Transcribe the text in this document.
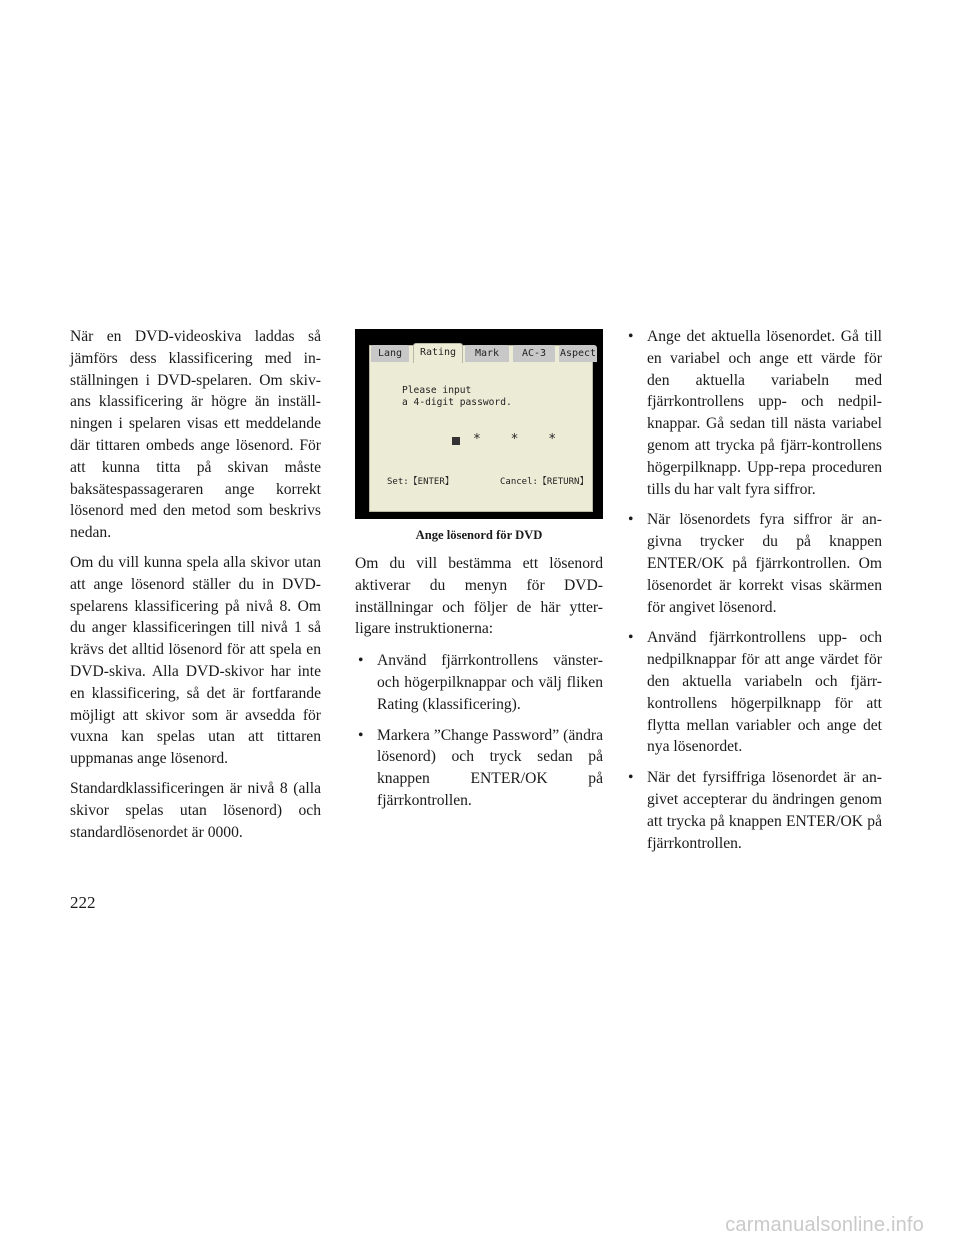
När en DVD-videoskiva laddas så jämförs dess klassificering med in-ställningen i DVD-spelaren. Om skiv-ans klassificering är högre än inställ-ningen i spelaren visas ett meddelande där tittaren ombeds ange lösenord. För att kunna titta på skivan måste baksätespassageraren ange korrekt lösenord med den metod som beskrivs nedan.

Om du vill kunna spela alla skivor utan att ange lösenord ställer du in DVD-spelarens klassificering på nivå 8. Om du anger klassificeringen till nivå 1 så krävs det alltid lösenord för att spela en DVD-skiva. Alla DVD-skivor har inte en klassificering, så det är fortfarande möjligt att skivor som är avsedda för vuxna kan spelas utan att tittaren uppmanas ange lösenord.

Standardklassificeringen är nivå 8 (alla skivor spelas utan lösenord) och standardlösenordet är 0000.

Lang	Rating	Mark	AC-3	Aspect
Please input
a 4-digit password.
* * *
Set:【ENTER】	Cancel:【RETURN】
Ange lösenord för DVD

Om du vill bestämma ett lösenord aktiverar du menyn för DVD-inställningar och följer de här ytter-ligare instruktionerna:

• Använd fjärrkontrollens vänster- och högerpilknappar och välj fliken Rating (klassificering).
• Markera ”Change Password” (ändra lösenord) och tryck sedan på knappen ENTER/OK på fjärrkontrollen.
• Ange det aktuella lösenordet. Gå till en variabel och ange ett värde för den aktuella variabeln med fjärrkontrollens upp- och nedpil-knappar. Gå sedan till nästa variabel genom att trycka på fjärr-kontrollens högerpilknapp. Upp-repa proceduren tills du har valt fyra siffror.
• När lösenordets fyra siffror är an-givna trycker du på knappen ENTER/OK på fjärrkontrollen. Om lösenordet är korrekt visas skärmen för angivet lösenord.
• Använd fjärrkontrollens upp- och nedpilknappar för att ange värdet för den aktuella variabeln och fjärr-kontrollens högerpilknapp för att flytta mellan variabler och ange det nya lösenordet.
• När det fyrsiffriga lösenordet är an-givet accepterar du ändringen genom att trycka på knappen ENTER/OK på fjärrkontrollen.
222
carmanualsonline.info
